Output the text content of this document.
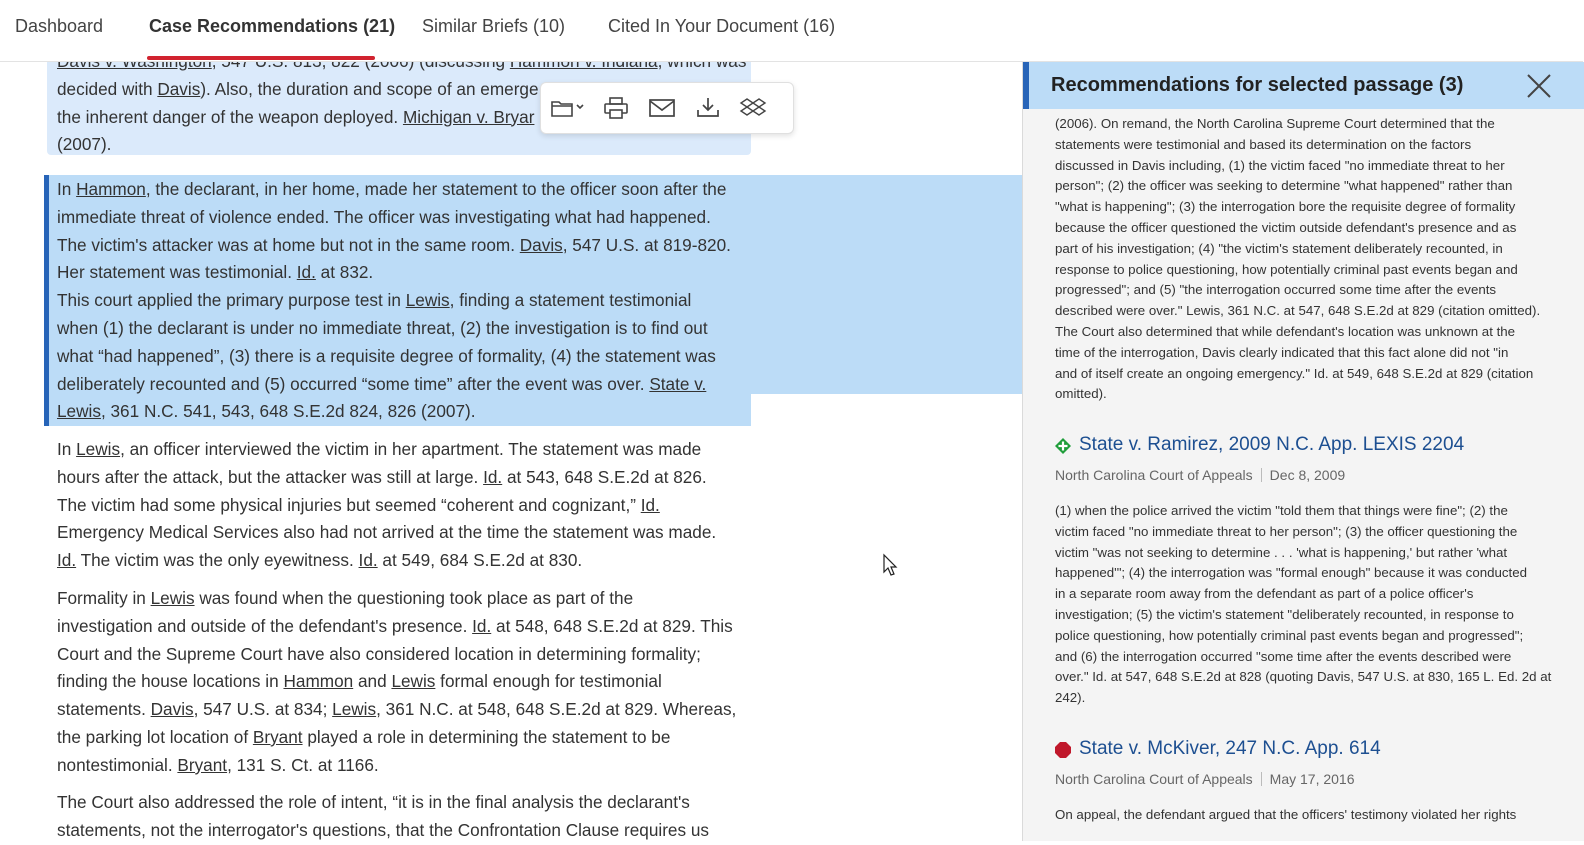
Dashboard	Case Recommendations (21) Similar Briefs (10) Cited In Your Document (16)
decided with Davis). Also, the duration and scope of an emerge
the inherent danger of the weapon deployed. Michigan v. Bryar
(2007).
In Hammon, the declarant, in her home, made her statement to the officer soon after the
immediate threat of violence ended. The officer was investigating what had happened.
The victim's attacker was at home but not in the same room. Davis, 547 U.S. at 819-820.
Her statement was testimonial. Id. at 832.
This court applied the primary purpose test in Lewis, finding a statement testimonial
when (1) the declarant is under no immediate threat, (2) the investigation is to find out
what “had happened”, (3) there is a requisite degree of formality, (4) the statement was
deliberately recounted and (5) occurred “some time” after the event was over. State v.
Lewis, 361 N.C. 541, 543, 648 S.E.2d 824, 826 (2007).
In Lewis, an officer interviewed the victim in her apartment. The statement was made
hours after the attack, but the attacker was still at large. Id. at 543, 648 S.E.2d at 826.
The victim had some physical injuries but seemed “coherent and cognizant,” Id.
Emergency Medical Services also had not arrived at the time the statement was made.
Id. The victim was the only eyewitness. Id. at 549, 684 S.E.2d at 830.
Formality in Lewis was found when the questioning took place as part of the
investigation and outside of the defendant's presence. Id. at 548, 648 S.E.2d at 829. This
Court and the Supreme Court have also considered location in determining formality;
finding the house locations in Hammon and Lewis formal enough for testimonial
statements. Davis, 547 U.S. at 834; Lewis, 361 N.C. at 548, 648 S.E.2d at 829. Whereas,
the parking lot location of Bryant played a role in determining the statement to be
nontestimonial. Bryant, 131 S. Ct. at 1166.
The Court also addressed the role of intent, “it is in the final analysis the declarant's
statements, not the interrogator's questions, that the Confrontation Clause requires us
Recommendations for selected passage (3)
(2006). On remand, the North Carolina Supreme Court determined that the
statements were testimonial and based its determination on the factors
discussed in Davis including, (1) the victim faced "no immediate threat to her
person"; (2) the officer was seeking to determine "what happened" rather than
"what is happening"; (3) the interrogation bore the requisite degree of formality
because the officer questioned the victim outside defendant's presence and as
part of his investigation; (4) "the victim's statement deliberately recounted, in
response to police questioning, how potentially criminal past events began and
progressed"; and (5) "the interrogation occurred some time after the events
described were over." Lewis, 361 N.C. at 547, 648 S.E.2d at 829 (citation omitted).
The Court also determined that while defendant's location was unknown at the
time of the interrogation, Davis clearly indicated that this fact alone did not "in
and of itself create an ongoing emergency." Id. at 549, 648 S.E.2d at 829 (citation
omitted).
State v. Ramirez, 2009 N.C. App. LEXIS 2204
North Carolina Court of Appeals Dec 8, 2009
(1) when the police arrived the victim "told them that things were fine"; (2) the
victim faced "no immediate threat to her person"; (3) the officer questioning the
victim "was not seeking to determine . . . 'what is happening,' but rather 'what
happened'"; (4) the interrogation was "formal enough" because it was conducted
in a separate room away from the defendant as part of a police officer's
investigation; (5) the victim's statement "deliberately recounted, in response to
police questioning, how potentially criminal past events began and progressed";
and (6) the interrogation occurred "some time after the events described were
over." Id. at 547, 648 S.E.2d at 828 (quoting Davis, 547 U.S. at 830, 165 L. Ed. 2d at
242).
State v. McKiver, 247 N.C. App. 614
North Carolina Court of Appeals May 17, 2016
On appeal, the defendant argued that the officers' testimony violated her rights
